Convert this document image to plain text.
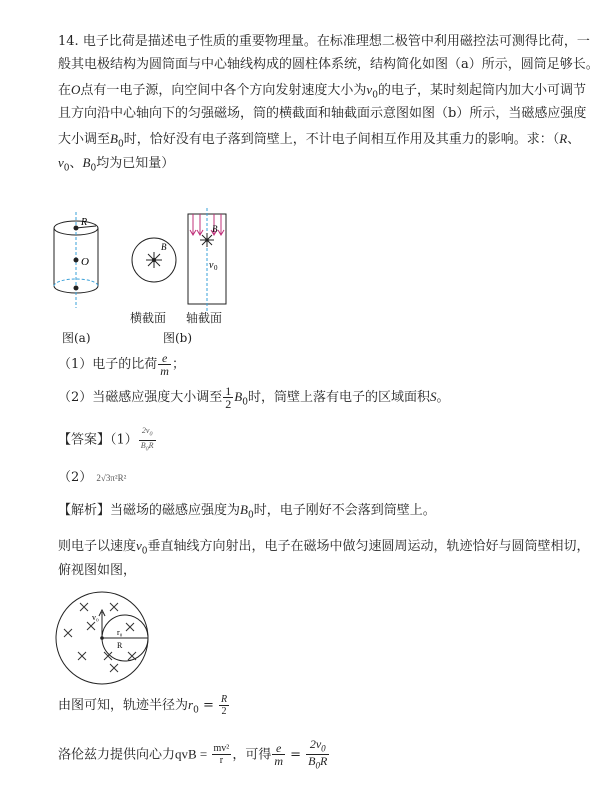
14. 电子比荷是描述电子性质的重要物理量。在标准理想二极管中利用磁控法可测得比荷，一
般其电极结构为圆筒面与中心轴线构成的圆柱体系统，结构简化如图（a）所示，圆筒足够长。
在O点有一电子源，向空间中各个方向发射速度大小为$v_0$的电子，某时刻起筒内加大小可调节
且方向沿中心轴向下的匀强磁场，筒的横截面和轴截面示意图如图（b）所示，当磁感应强度
大小调至$B_0$时，恰好没有电子落到筒壁上，不计电子间相互作用及其重力的影响。求：（R、
$v_0$、$B_0$均为已知量）
R
O
B
B
v 0
横截面 轴截面
图(a)	图(b)
（1）电子的比荷 $\frac{e}{m}$ ；
（2）当磁感应强度大小调至 $\frac{1}{2} B_0$时，筒壁上落有电子的区域面积S。
【答案】$(1) \frac{2v_0}{B_0R}$
（2） 2√3π²R²
【解析】当磁场的磁感应强度为$B_0$时，电子刚好不会落到筒壁上。
则电子以速度$v_0$垂直轴线方向射出，电子在磁场中做匀速圆周运动，轨迹恰好与圆筒壁相切，
俯视图如图，
v₀
r₀
R
由图可知，轨迹半径为$r_0 = \frac{R}{2}$
洛伦兹力提供向心力qvB = $\frac{\text{mv²}}{r}$ ，可得 $\frac{e}{m} = \frac{2v_0}{B_0R}$
